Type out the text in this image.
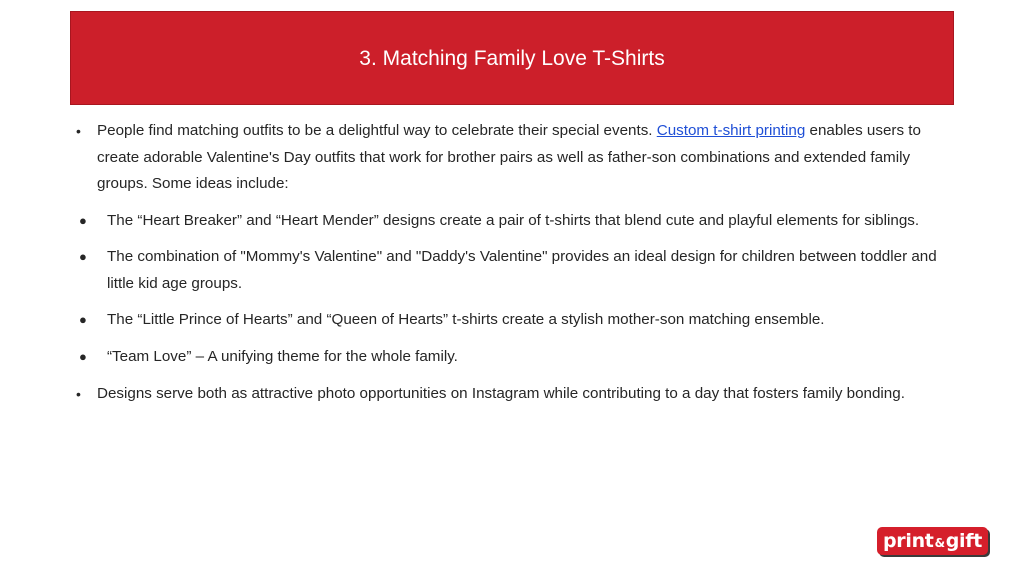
3. Matching Family Love T-Shirts

• People find matching outfits to be a delightful way to celebrate their special events. Custom t-shirt printing enables users to create adorable Valentine's Day outfits that work for brother pairs as well as father-son combinations and extended family groups. Some ideas include:

● The “Heart Breaker” and “Heart Mender” designs create a pair of t-shirts that blend cute and playful elements for siblings.

● The combination of "Mommy's Valentine" and "Daddy's Valentine" provides an ideal design for children between toddler and little kid age groups.

● The “Little Prince of Hearts” and “Queen of Hearts” t-shirts create a stylish mother-son matching ensemble.

● “Team Love” – A unifying theme for the whole family.

• Designs serve both as attractive photo opportunities on Instagram while contributing to a day that fosters family bonding.

print & gift
